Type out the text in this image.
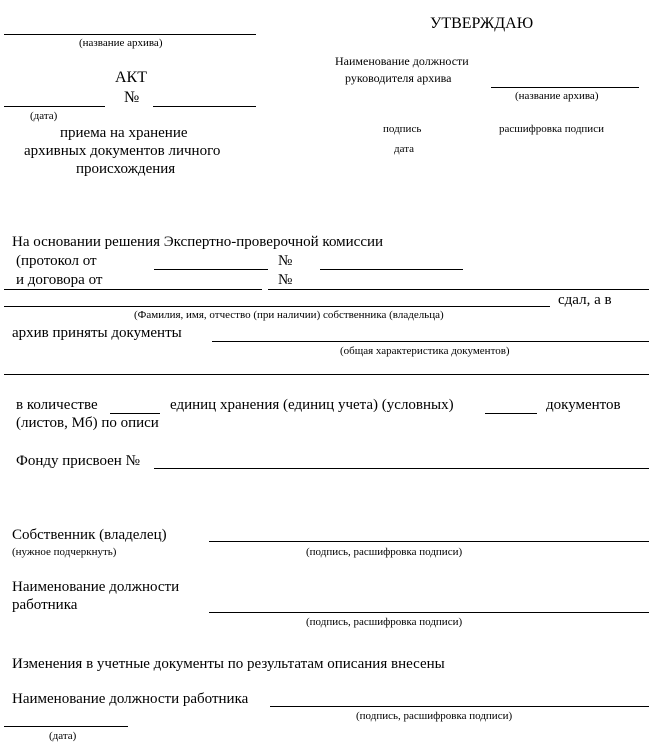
(название архива)
АКТ
№
(дата)
приема на хранение
архивных документов личного
происхождения
УТВЕРЖДАЮ
Наименование должности
руководителя архива
(название архива)
подпись	расшифровка подписи
дата
На основании решения Экспертно-проверочной комиссии
(протокол от	№
и договора от	№
сдал, а в
(Фамилия, имя, отчество (при наличии) собственника (владельца)
архив приняты документы
(общая характеристика документов)
в количестве	единиц хранения (единиц учета) (условных)	документов
(листов, Мб) по описи
Фонду присвоен №
Собственник (владелец)
(нужное подчеркнуть)	(подпись, расшифровка подписи)
Наименование должности
работника
(подпись, расшифровка подписи)
Изменения в учетные документы по результатам описания внесены
Наименование должности работника
(подпись, расшифровка подписи)
(дата)
